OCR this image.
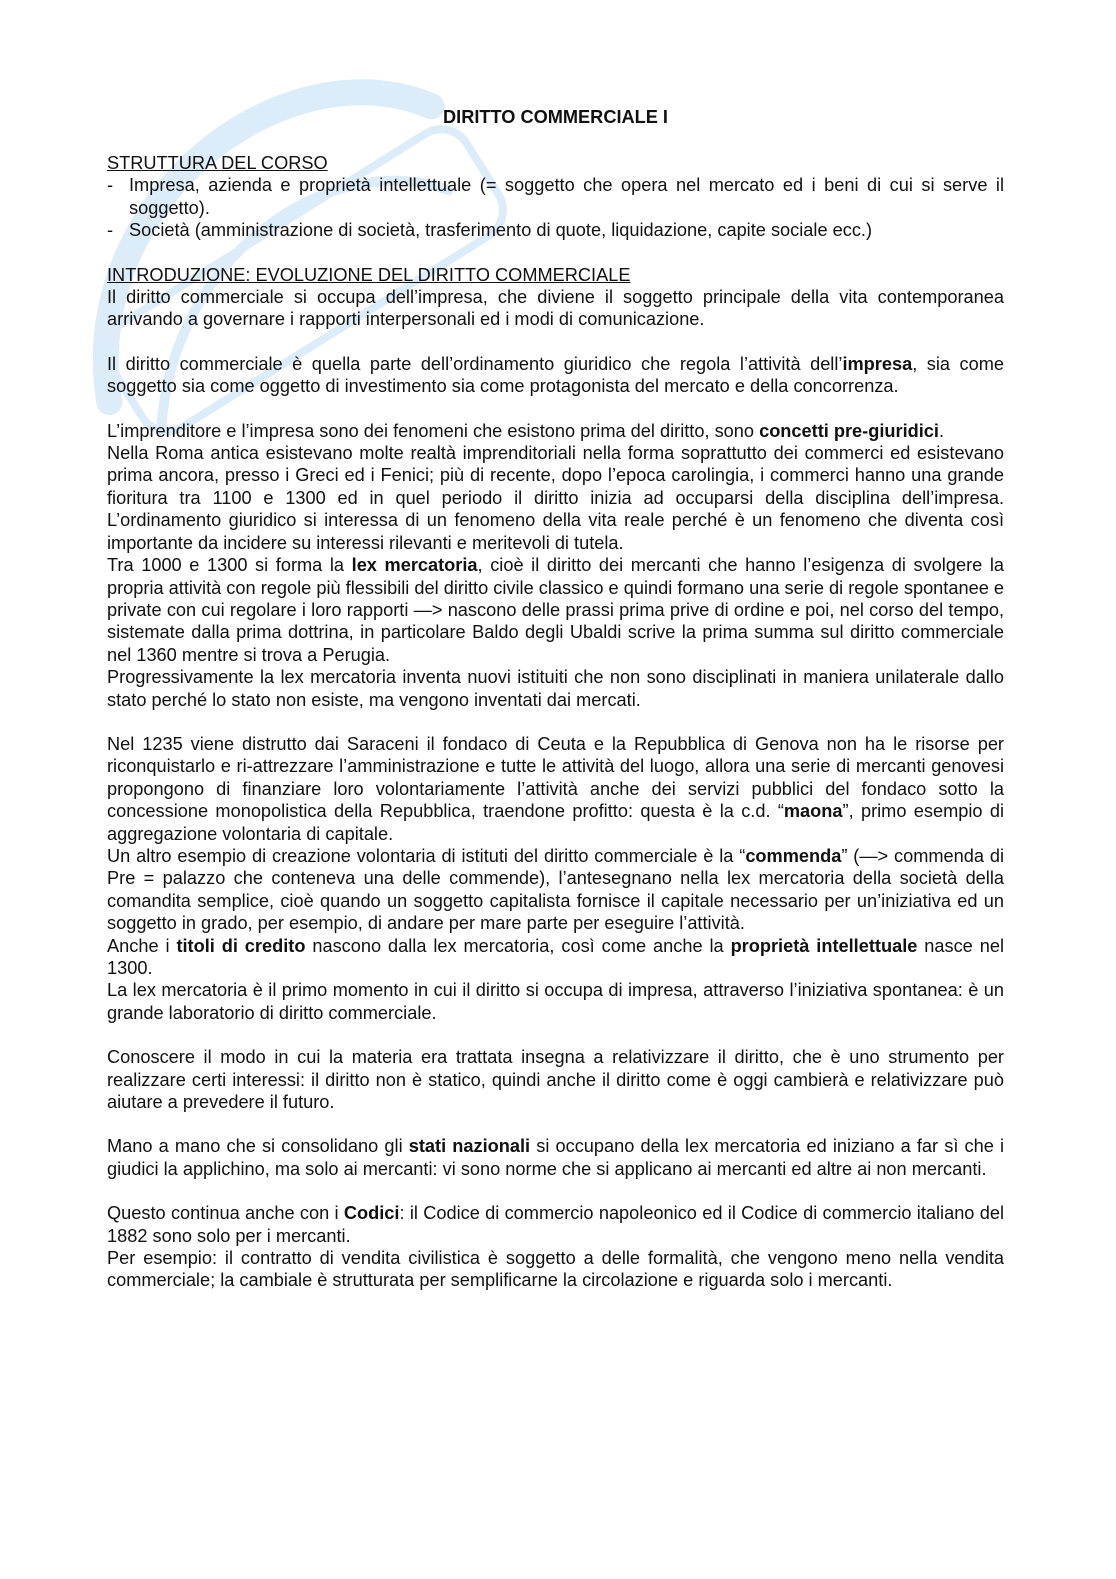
DIRITTO COMMERCIALE I

STRUTTURA DEL CORSO

- Impresa, azienda e proprietà intellettuale (= soggetto che opera nel mercato ed i beni di cui si serve il soggetto).
- Società (amministrazione di società, trasferimento di quote, liquidazione, capite sociale ecc.)

INTRODUZIONE: EVOLUZIONE DEL DIRITTO COMMERCIALE

Il diritto commerciale si occupa dell’impresa, che diviene il soggetto principale della vita contemporanea arrivando a governare i rapporti interpersonali ed i modi di comunicazione.

Il diritto commerciale è quella parte dell’ordinamento giuridico che regola l’attività dell’impresa, sia come soggetto sia come oggetto di investimento sia come protagonista del mercato e della concorrenza.

L’imprenditore e l’impresa sono dei fenomeni che esistono prima del diritto, sono concetti pre-giuridici.

Nella Roma antica esistevano molte realtà imprenditoriali nella forma soprattutto dei commerci ed esistevano prima ancora, presso i Greci ed i Fenici; più di recente, dopo l’epoca carolingia, i commerci hanno una grande fioritura tra 1100 e 1300 ed in quel periodo il diritto inizia ad occuparsi della disciplina dell’impresa. L’ordinamento giuridico si interessa di un fenomeno della vita reale perché è un fenomeno che diventa così importante da incidere su interessi rilevanti e meritevoli di tutela.

Tra 1000 e 1300 si forma la lex mercatoria, cioè il diritto dei mercanti che hanno l’esigenza di svolgere la propria attività con regole più flessibili del diritto civile classico e quindi formano una serie di regole spontanee e private con cui regolare i loro rapporti —> nascono delle prassi prima prive di ordine e poi, nel corso del tempo, sistemate dalla prima dottrina, in particolare Baldo degli Ubaldi scrive la prima summa sul diritto commerciale nel 1360 mentre si trova a Perugia.

Progressivamente la lex mercatoria inventa nuovi istituiti che non sono disciplinati in maniera unilaterale dallo stato perché lo stato non esiste, ma vengono inventati dai mercati.

Nel 1235 viene distrutto dai Saraceni il fondaco di Ceuta e la Repubblica di Genova non ha le risorse per riconquistarlo e ri-attrezzare l’amministrazione e tutte le attività del luogo, allora una serie di mercanti genovesi propongono di finanziare loro volontariamente l’attività anche dei servizi pubblici del fondaco sotto la concessione monopolistica della Repubblica, traendone profitto: questa è la c.d. “maona”, primo esempio di aggregazione volontaria di capitale.

Un altro esempio di creazione volontaria di istituti del diritto commerciale è la “commenda” (—> commenda di Pre = palazzo che conteneva una delle commende), l’antesegnano nella lex mercatoria della società della comandita semplice, cioè quando un soggetto capitalista fornisce il capitale necessario per un’iniziativa ed un soggetto in grado, per esempio, di andare per mare parte per eseguire l’attività.

Anche i titoli di credito nascono dalla lex mercatoria, così come anche la proprietà intellettuale nasce nel 1300.

La lex mercatoria è il primo momento in cui il diritto si occupa di impresa, attraverso l’iniziativa spontanea: è un grande laboratorio di diritto commerciale.

Conoscere il modo in cui la materia era trattata insegna a relativizzare il diritto, che è uno strumento per realizzare certi interessi: il diritto non è statico, quindi anche il diritto come è oggi cambierà e relativizzare può aiutare a prevedere il futuro.

Mano a mano che si consolidano gli stati nazionali si occupano della lex mercatoria ed iniziano a far sì che i giudici la applichino, ma solo ai mercanti: vi sono norme che si applicano ai mercanti ed altre ai non mercanti.

Questo continua anche con i Codici: il Codice di commercio napoleonico ed il Codice di commercio italiano del 1882 sono solo per i mercanti.

Per esempio: il contratto di vendita civilistica è soggetto a delle formalità, che vengono meno nella vendita commerciale; la cambiale è strutturata per semplificarne la circolazione e riguarda solo i mercanti.
